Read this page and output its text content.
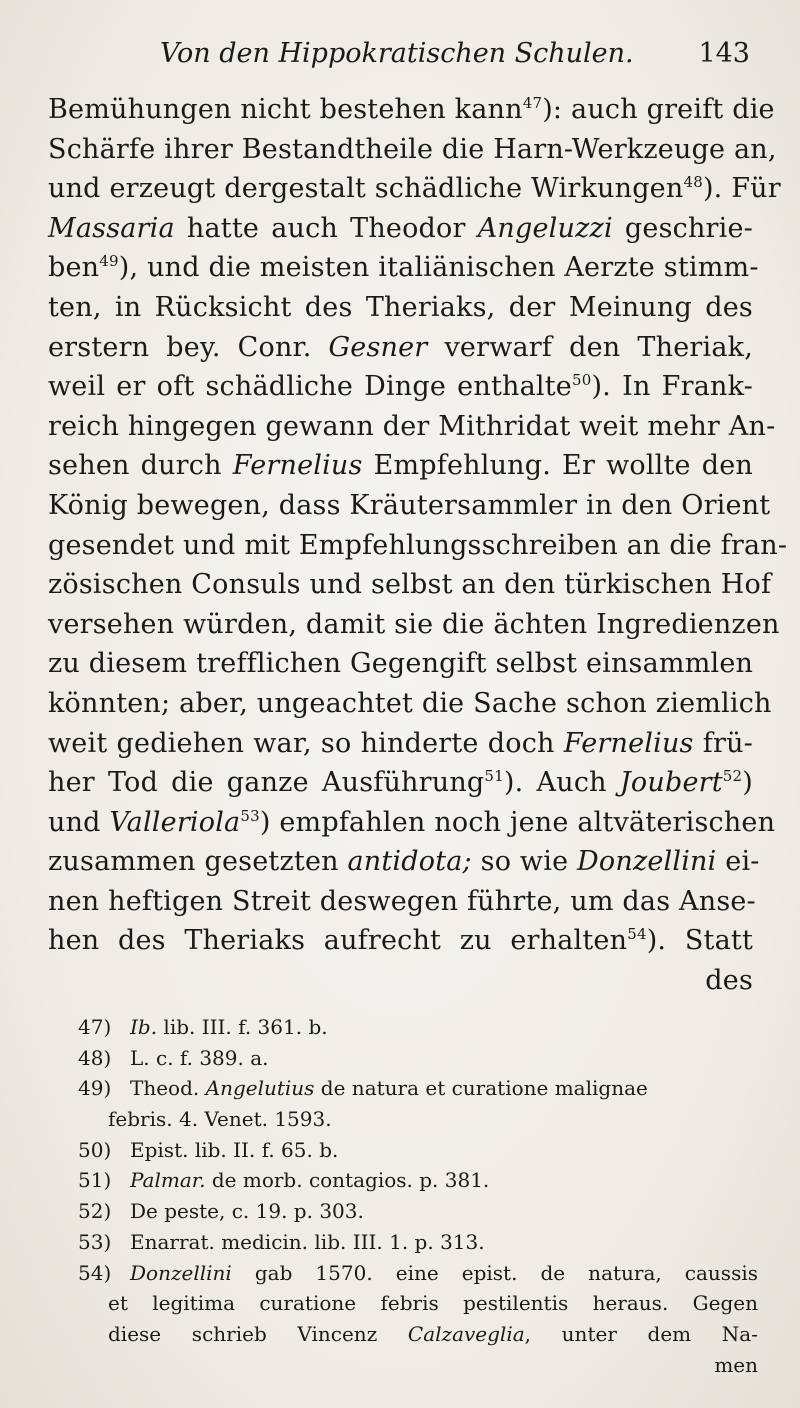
Von den Hippokratischen Schulen. 143
Bemühungen nicht bestehen kann$^{47}$): auch greift die
Schärfe ihrer Bestandtheile die Harn-Werkzeuge an,
und erzeugt dergestalt schädliche Wirkungen$^{48}$). Für
Massaria hatte auch Theodor Angeluzzi geschrie-
ben$^{49}$), und die meisten italiänischen Aerzte stimm-
ten, in Rücksicht des Theriaks, der Meinung des
erstern bey. Conr. Gesner verwarf den Theriak,
weil er oft schädliche Dinge enthalte$^{50}$). In Frank-
reich hingegen gewann der Mithridat weit mehr An-
sehen durch Fernelius Empfehlung. Er wollte den
König bewegen, dass Kräutersammler in den Orient
gesendet und mit Empfehlungsschreiben an die fran-
zösischen Consuls und selbst an den türkischen Hof
versehen würden, damit sie die ächten Ingredienzen
zu diesem trefflichen Gegengift selbst einsammlen
könnten; aber, ungeachtet die Sache schon ziemlich
weit gediehen war, so hinderte doch Fernelius frü-
her Tod die ganze Ausführung$^{51}$). Auch Joubert$^{52}$)
und Valleriola$^{53}$) empfahlen noch jene altväterischen
zusammen gesetzten antidota; so wie Donzellini ei-
nen heftigen Streit deswegen führte, um das Anse-
hen des Theriaks aufrecht zu erhalten$^{54}$). Statt
des
47) Ib. lib. III. f. 361. b.
48) L. c. f. 389. a.
49) Theod. Angelutius de natura et curatione malignae
febris. 4. Venet. 1593.
50) Epist. lib. II. f. 65. b.
51) Palmar. de morb. contagios. p. 381.
52) De peste, c. 19. p. 303.
53) Enarrat. medicin. lib. III. 1. p. 313.
54) Donzellini gab 1570. eine epist. de natura, caussis
et legitima curatione febris pestilentis heraus. Gegen
diese schrieb Vincenz Calzaveglia, unter dem Na-
men
